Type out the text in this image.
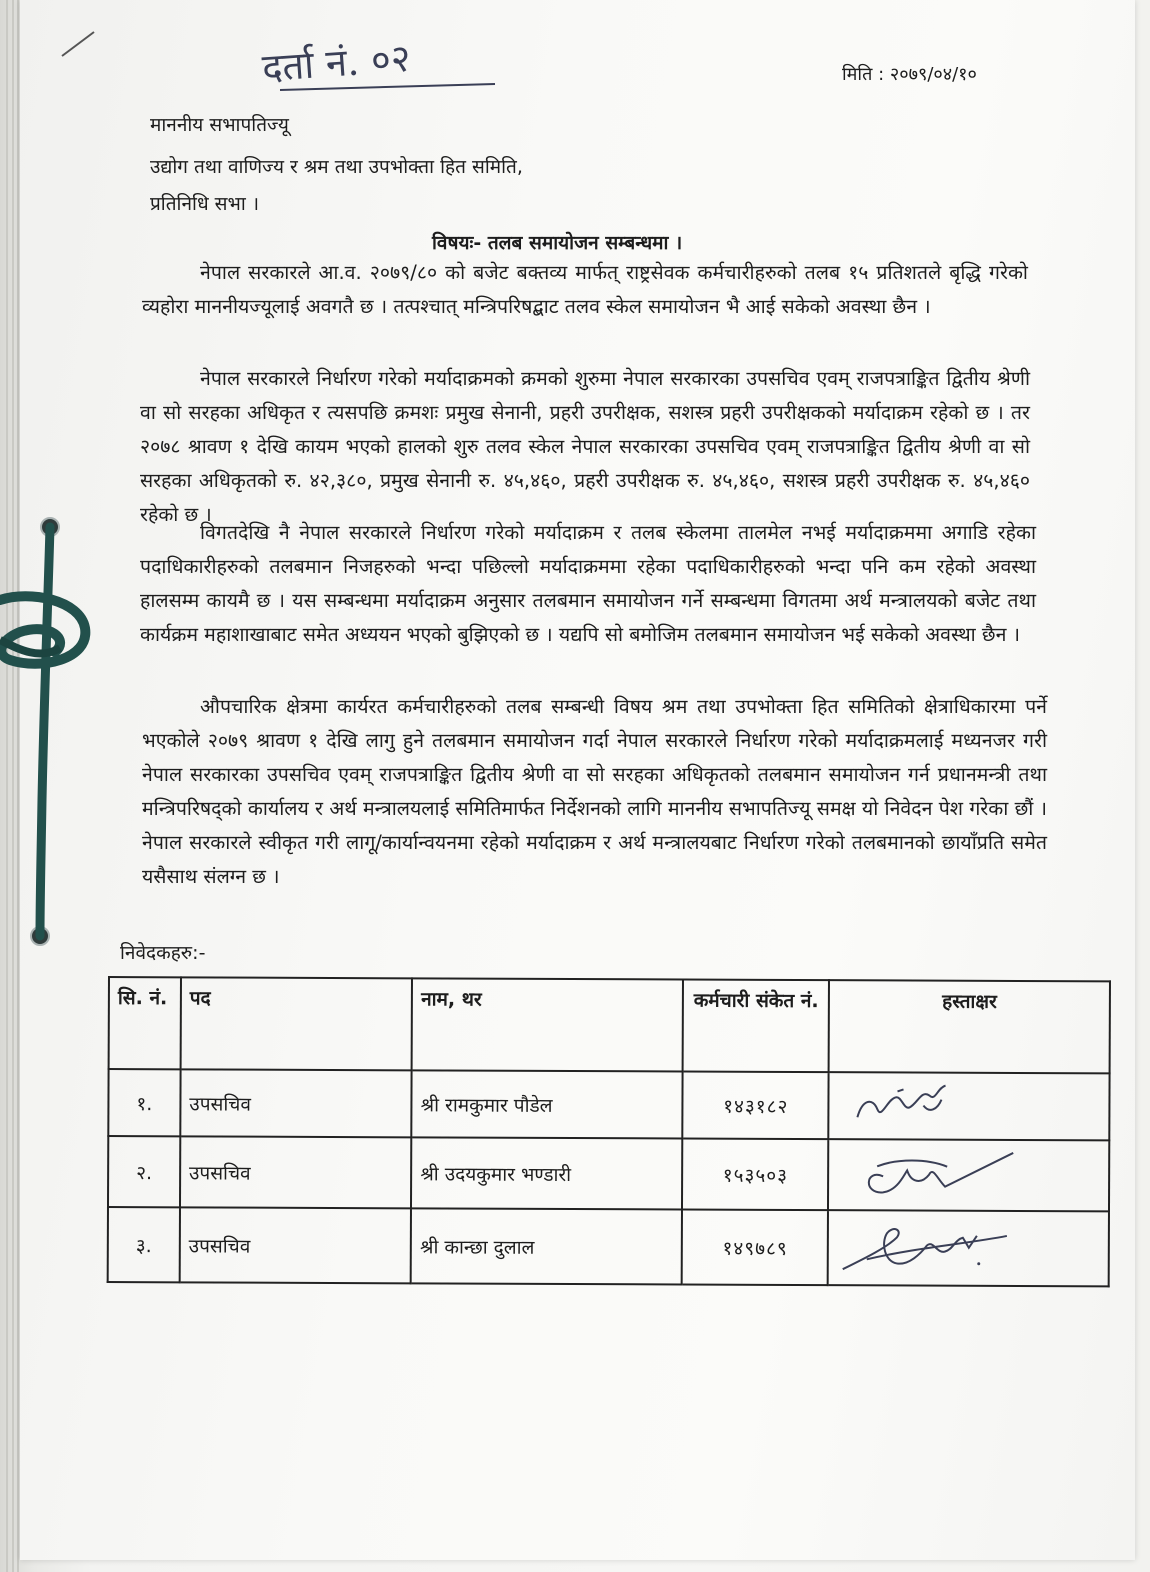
दर्ता नं. ०२	मिति : २०७९/०४/१०
माननीय सभापतिज्यू
उद्योग तथा वाणिज्य र श्रम तथा उपभोक्ता हित समिति,
प्रतिनिधि सभा ।
विषयः- तलब समायोजन सम्बन्धमा ।
नेपाल सरकारले आ.व. २०७९/८० को बजेट बक्तव्य मार्फत् राष्ट्रसेवक कर्मचारीहरुको तलब १५ प्रतिशतले बृद्धि गरेको व्यहोरा माननीयज्यूलाई अवगतै छ । तत्पश्चात् मन्त्रिपरिषद्बाट तलव स्केल समायोजन भै आई सकेको अवस्था छैन ।
नेपाल सरकारले निर्धारण गरेको मर्यादाक्रमको क्रमको शुरुमा नेपाल सरकारका उपसचिव एवम् राजपत्राङ्कित द्वितीय श्रेणी वा सो सरहका अधिकृत र त्यसपछि क्रमशः प्रमुख सेनानी, प्रहरी उपरीक्षक, सशस्त्र प्रहरी उपरीक्षकको मर्यादाक्रम रहेको छ । तर २०७८ श्रावण १ देखि कायम भएको हालको शुरु तलव स्केल नेपाल सरकारका उपसचिव एवम् राजपत्राङ्कित द्वितीय श्रेणी वा सो सरहका अधिकृतको रु. ४२,३८०, प्रमुख सेनानी रु. ४५,४६०, प्रहरी उपरीक्षक रु. ४५,४६०, सशस्त्र प्रहरी उपरीक्षक रु. ४५,४६० रहेको छ ।
विगतदेखि नै नेपाल सरकारले निर्धारण गरेको मर्यादाक्रम र तलब स्केलमा तालमेल नभई मर्यादाक्रममा अगाडि रहेका पदाधिकारीहरुको तलबमान निजहरुको भन्दा पछिल्लो मर्यादाक्रममा रहेका पदाधिकारीहरुको भन्दा पनि कम रहेको अवस्था हालसम्म कायमै छ । यस सम्बन्धमा मर्यादाक्रम अनुसार तलबमान समायोजन गर्ने सम्बन्धमा विगतमा अर्थ मन्त्रालयको बजेट तथा कार्यक्रम महाशाखाबाट समेत अध्ययन भएको बुझिएको छ । यद्यपि सो बमोजिम तलबमान समायोजन भई सकेको अवस्था छैन ।
औपचारिक क्षेत्रमा कार्यरत कर्मचारीहरुको तलब सम्बन्धी विषय श्रम तथा उपभोक्ता हित समितिको क्षेत्राधिकारमा पर्ने भएकोले २०७९ श्रावण १ देखि लागु हुने तलबमान समायोजन गर्दा नेपाल सरकारले निर्धारण गरेको मर्यादाक्रमलाई मध्यनजर गरी नेपाल सरकारका उपसचिव एवम् राजपत्राङ्कित द्वितीय श्रेणी वा सो सरहका अधिकृतको तलबमान समायोजन गर्न प्रधानमन्त्री तथा मन्त्रिपरिषद्को कार्यालय र अर्थ मन्त्रालयलाई समितिमार्फत निर्देशनको लागि माननीय सभापतिज्यू समक्ष यो निवेदन पेश गरेका छौं । नेपाल सरकारले स्वीकृत गरी लागू/कार्यान्वयनमा रहेको मर्यादाक्रम र अर्थ मन्त्रालयबाट निर्धारण गरेको तलबमानको छायाँप्रति समेत यसैसाथ संलग्न छ ।
निवेदकहरु:-
सि. नं.	पद	नाम, थर	कर्मचारी संकेत नं.	हस्ताक्षर
१.	उपसचिव	श्री रामकुमार पौडेल	१४३१८२	
२.	उपसचिव	श्री उदयकुमार भण्डारी	१५३५०३	
३.	उपसचिव	श्री कान्छा दुलाल	१४९७८९	
